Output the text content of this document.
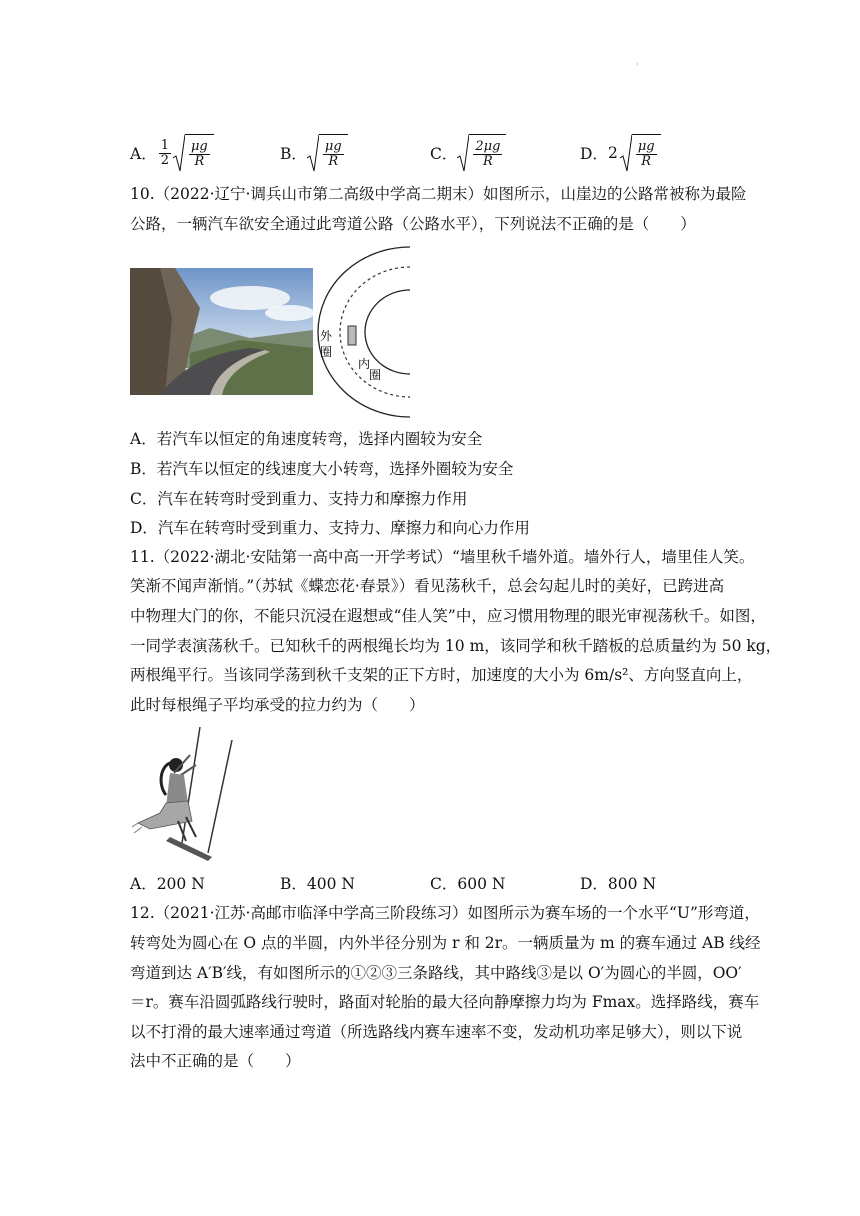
·
A． $\frac{1}{2} \frac{\mu g}{R}$	B． $\frac{\mu g}{R}$	C． $\frac{2\mu g}{R}$	D． $2 \frac{\mu g}{R}$
10.（2022·辽宁·调兵山市第二高级中学高二期末）如图所示，山崖边的公路常被称为最险
公路，一辆汽车欲安全通过此弯道公路（公路水平），下列说法不正确的是（　　）
外
圈
内
圈
A．若汽车以恒定的角速度转弯，选择内圈较为安全
B．若汽车以恒定的线速度大小转弯，选择外圈较为安全
C．汽车在转弯时受到重力、支持力和摩擦力作用
D．汽车在转弯时受到重力、支持力、摩擦力和向心力作用
11.（2022·湖北·安陆第一高中高一开学考试）“墙里秋千墙外道。墙外行人，墙里佳人笑。
笑渐不闻声渐悄。”（苏轼《蝶恋花·春景》）看见荡秋千，总会勾起儿时的美好，已跨进高
中物理大门的你，不能只沉浸在遐想或“佳人笑”中，应习惯用物理的眼光审视荡秋千。如图，
一同学表演荡秋千。已知秋千的两根绳长均为 10 m，该同学和秋千踏板的总质量约为 50 kg，
两根绳平行。当该同学荡到秋千支架的正下方时，加速度的大小为 6m/s²、方向竖直向上，
此时每根绳子平均承受的拉力约为（　　）
A．200 N	B．400 N	C．600 N	D．800 N
12.（2021·江苏·高邮市临泽中学高三阶段练习）如图所示为赛车场的一个水平“U”形弯道，
转弯处为圆心在 O 点的半圆，内外半径分别为 r 和 2r。一辆质量为 m 的赛车通过 AB 线经
弯道到达 A′B′线，有如图所示的①②③三条路线，其中路线③是以 O′为圆心的半圆，OO′
＝r。赛车沿圆弧路线行驶时，路面对轮胎的最大径向静摩擦力均为 Fmax。选择路线，赛车
以不打滑的最大速率通过弯道（所选路线内赛车速率不变，发动机功率足够大），则以下说
法中不正确的是（　　）
